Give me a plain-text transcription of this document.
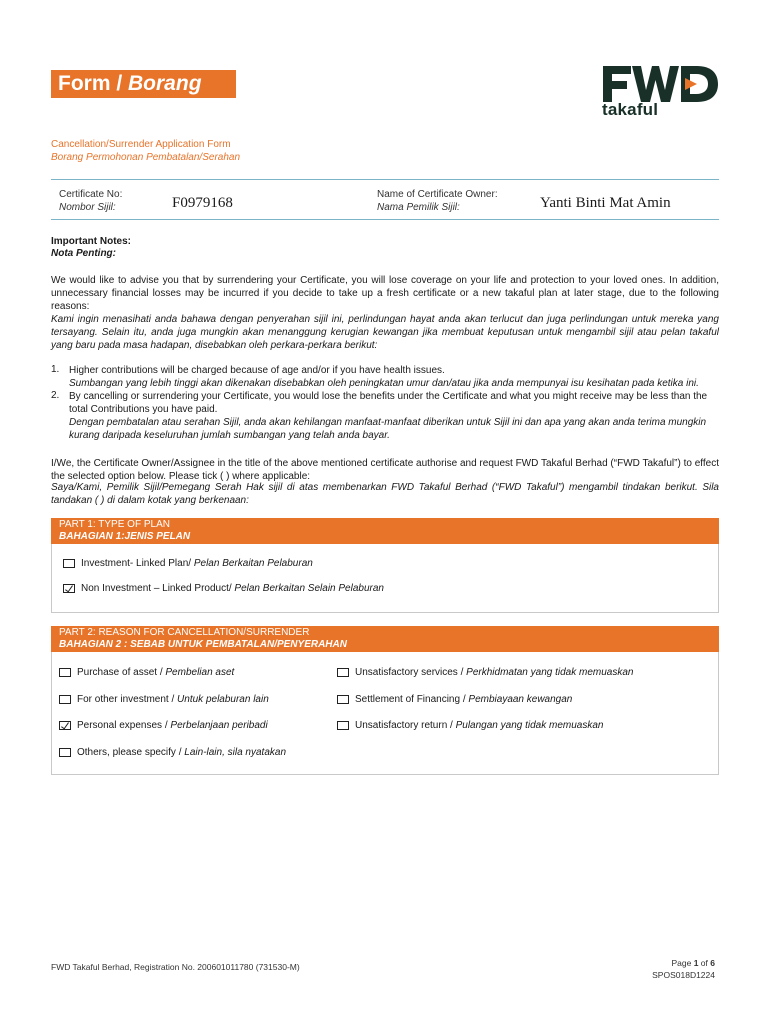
Form / Borang
takaful
Cancellation/Surrender Application Form
Borang Permohonan Pembatalan/Serahan
Certificate No:
Nombor Sijil:	F0979168
Name of Certificate Owner:
Nama Pemilik Sijil:	Yanti Binti Mat Amin
Important Notes:
Nota Penting:
We would like to advise you that by surrendering your Certificate, you will lose coverage on your life and protection to your loved ones. In addition, unnecessary financial losses may be incurred if you decide to take up a fresh certificate or a new takaful plan at later stage, due to the following reasons:
Kami ingin menasihati anda bahawa dengan penyerahan sijil ini, perlindungan hayat anda akan terlucut dan juga perlindungan untuk mereka yang tersayang. Selain itu, anda juga mungkin akan menanggung kerugian kewangan jika membuat keputusan untuk mengambil sijil atau pelan takaful yang baru pada masa hadapan, disebabkan oleh perkara-perkara berikut:
1. Higher contributions will be charged because of age and/or if you have health issues.
Sumbangan yang lebih tinggi akan dikenakan disebabkan oleh peningkatan umur dan/atau jika anda mempunyai isu kesihatan pada ketika ini.
2. By cancelling or surrendering your Certificate, you would lose the benefits under the Certificate and what you might receive may be less than the total Contributions you have paid.
Dengan pembatalan atau serahan Sijil, anda akan kehilangan manfaat-manfaat diberikan untuk Sijil ini dan apa yang akan anda terima mungkin kurang daripada keseluruhan jumlah sumbangan yang telah anda bayar.
I/We, the Certificate Owner/Assignee in the title of the above mentioned certificate authorise and request FWD Takaful Berhad (“FWD Takaful”) to effect the selected option below. Please tick ( ) where applicable:
Saya/Kami, Pemilik Sijil/Pemegang Serah Hak sijil di atas membenarkan FWD Takaful Berhad (“FWD Takaful”) mengambil tindakan berikut. Sila tandakan ( ) di dalam kotak yang berkenaan:
PART 1: TYPE OF PLAN
BAHAGIAN 1:JENIS PELAN
Investment- Linked Plan/
Pelan Berkaitan Pelaburan
Non Investment – Linked Product/
Pelan Berkaitan Selain Pelaburan
PART 2: REASON FOR CANCELLATION/SURRENDER
BAHAGIAN 2 : SEBAB UNTUK PEMBATALAN/PENYERAHAN
Purchase of asset /
Pembelian aset
For other investment /
Untuk pelaburan lain
Personal expenses /
Perbelanjaan peribadi
Others, please specify /
Lain-lain, sila nyatakan
Unsatisfactory services /
Perkhidmatan yang tidak memuaskan
Settlement of Financing /
Pembiayaan kewangan
Unsatisfactory return /
Pulangan yang tidak memuaskan
FWD Takaful Berhad, Registration No. 200601011780 (731530-M)	Page 1 of 6
SPOS018D1224
